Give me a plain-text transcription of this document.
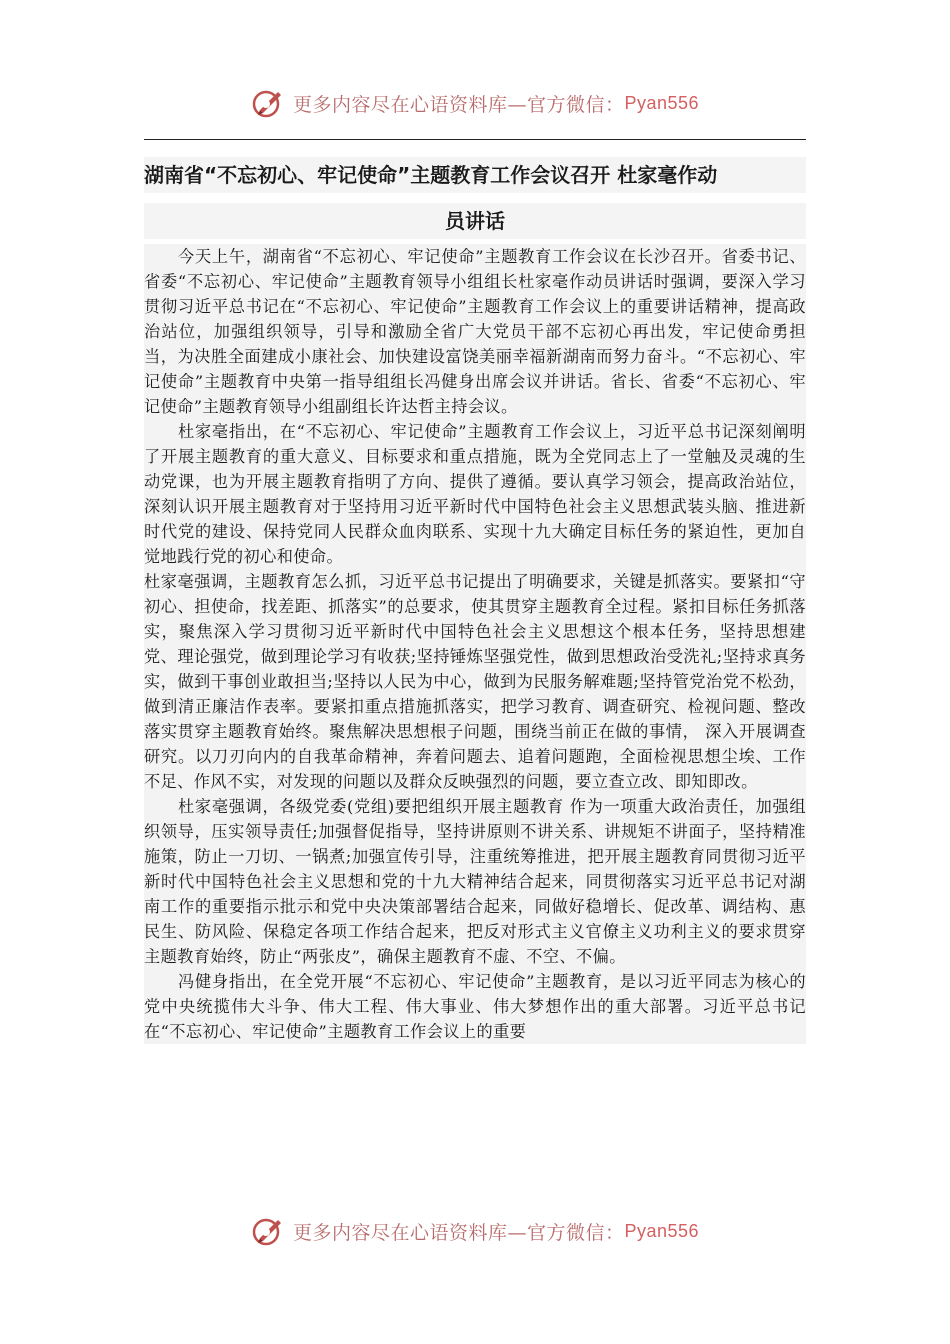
更多内容尽在心语资料库—官方微信： Pyan556
湖南省“不忘初心、牢记使命”主题教育工作会议召开 杜家毫作动
员讲话

今天上午，湖南省“不忘初心、牢记使命”主题教育工作会议在长沙召开。省委书记、省委“不忘初心、牢记使命”主题教育领导小组组长杜家毫作动员讲话时强调，要深入学习贯彻习近平总书记在“不忘初心、牢记使命”主题教育工作会议上的重要讲话精神，提高政治站位，加强组织领导，引导和激励全省广大党员干部不忘初心再出发，牢记使命勇担当，为决胜全面建成小康社会、加快建设富饶美丽幸福新湖南而努力奋斗。“不忘初心、牢记使命”主题教育中央第一指导组组长冯健身出席会议并讲话。省长、省委“不忘初心、牢记使命”主题教育领导小组副组长许达哲主持会议。

杜家毫指出，在“不忘初心、牢记使命”主题教育工作会议上，习近平总书记深刻阐明了开展主题教育的重大意义、目标要求和重点措施，既为全党同志上了一堂触及灵魂的生动党课，也为开展主题教育指明了方向、提供了遵循。要认真学习领会，提高政治站位，深刻认识开展主题教育对于坚持用习近平新时代中国特色社会主义思想武装头脑、推进新时代党的建设、保持党同人民群众血肉联系、实现十九大确定目标任务的紧迫性，更加自觉地践行党的初心和使命。

杜家毫强调，主题教育怎么抓，习近平总书记提出了明确要求，关键是抓落实。要紧扣“守初心、担使命，找差距、抓落实”的总要求，使其贯穿主题教育全过程。紧扣目标任务抓落实，聚焦深入学习贯彻习近平新时代中国特色社会主义思想这个根本任务，坚持思想建党、理论强党，做到理论学习有收获;坚持锤炼坚强党性，做到思想政治受洗礼;坚持求真务实，做到干事创业敢担当;坚持以人民为中心，做到为民服务解难题;坚持管党治党不松劲，做到清正廉洁作表率。要紧扣重点措施抓落实，把学习教育、调查研究、检视问题、整改落实贯穿主题教育始终。聚焦解决思想根子问题，围绕当前正在做的事情， 深入开展调查研究。以刀刃向内的自我革命精神，奔着问题去、追着问题跑，全面检视思想尘埃、工作不足、作风不实，对发现的问题以及群众反映强烈的问题，要立查立改、即知即改。

杜家毫强调，各级党委(党组)要把组织开展主题教育 作为一项重大政治责任，加强组织领导，压实领导责任;加强督促指导，坚持讲原则不讲关系、讲规矩不讲面子，坚持精准施策，防止一刀切、一锅煮;加强宣传引导，注重统筹推进，把开展主题教育同贯彻习近平新时代中国特色社会主义思想和党的十九大精神结合起来，同贯彻落实习近平总书记对湖南工作的重要指示批示和党中央决策部署结合起来，同做好稳增长、促改革、调结构、惠民生、防风险、保稳定各项工作结合起来，把反对形式主义官僚主义功利主义的要求贯穿主题教育始终，防止“两张皮”，确保主题教育不虚、不空、不偏。

冯健身指出，在全党开展“不忘初心、牢记使命”主题教育，是以习近平同志为核心的党中央统揽伟大斗争、伟大工程、伟大事业、伟大梦想作出的重大部署。习近平总书记在“不忘初心、牢记使命”主题教育工作会议上的重要

更多内容尽在心语资料库—官方微信： Pyan556
